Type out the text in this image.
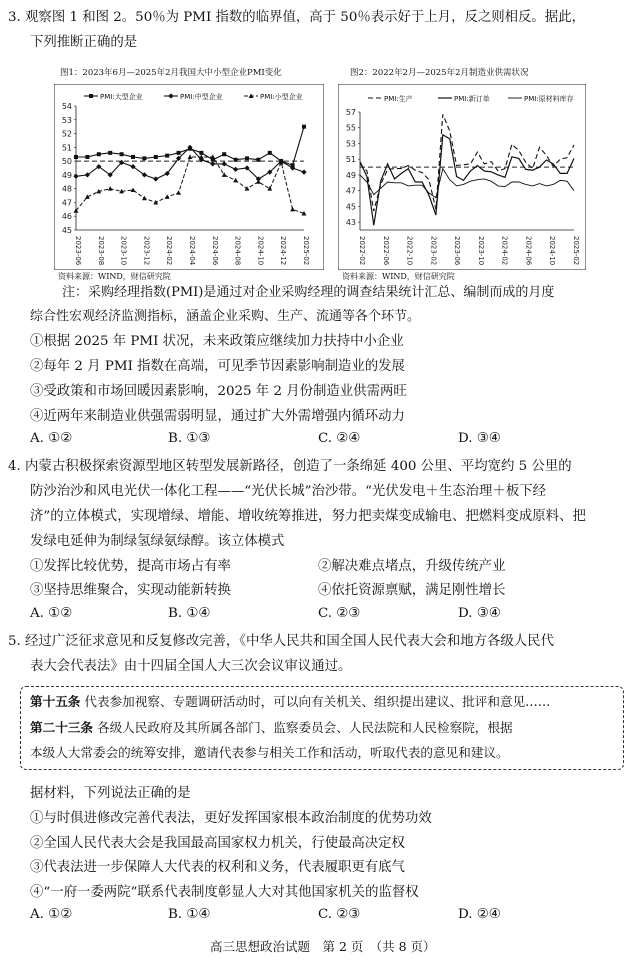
3. 观察图 1 和图 2。50％为 PMI 指数的临界值，高于 50％表示好于上月，反之则相反。据此，
下列推断正确的是
图1：2023年6月—2025年2月我国大中小型企业PMI变化	图2：2022年2月—2025年2月制造业供需状况
45
46
47
48
49
50
51
52
53
54
2023-06 2023-08 2023-10 2023-12 2024-02 2024-04 2024-06 2024-08 2024-10 2024-12 2025-02
PMI:大型企业	PMI:中型企业	PMI:小型企业
43
45
47
49
51
53
55
57
2022-02 2022-06 2022-10 2023-02 2023-06 2023-10 2024-02 2024-06 2024-10 2025-02
PMI:生产	PMI:新订单	PMI:原材料库存
资料来源：WIND，财信研究院	资料来源：WIND，财信研究院
注：采购经理指数(PMI)是通过对企业采购经理的调查结果统计汇总、编制而成的月度
综合性宏观经济监测指标，涵盖企业采购、生产、流通等各个环节。
①根据 2025 年 PMI 状况，未来政策应继续加力扶持中小企业
②每年 2 月 PMI 指数在高端，可见季节因素影响制造业的发展
③受政策和市场回暖因素影响，2025 年 2 月份制造业供需两旺
④近两年来制造业供强需弱明显，通过扩大外需增强内循环动力
A. ①②	B. ①③	C. ②④	D. ③④
4. 内蒙古积极探索资源型地区转型发展新路径，创造了一条绵延 400 公里、平均宽约 5 公里的
防沙治沙和风电光伏一体化工程——“光伏长城”治沙带。“光伏发电＋生态治理＋板下经
济”的立体模式，实现增绿、增能、增收统筹推进，努力把卖煤变成输电、把燃料变成原料、把
发绿电延伸为制绿氢绿氨绿醇。该立体模式
①发挥比较优势，提高市场占有率	②解决难点堵点，升级传统产业
③坚持思维聚合，实现动能新转换	④依托资源禀赋，满足刚性增长
A. ①②	B. ①④	C. ②③	D. ③④
5. 经过广泛征求意见和反复修改完善，《中华人民共和国全国人民代表大会和地方各级人民代
表大会代表法》由十四届全国人大三次会议审议通过。
第十五条 代表参加视察、专题调研活动时，可以向有关机关、组织提出建议、批评和意见……
第二十三条 各级人民政府及其所属各部门、监察委员会、人民法院和人民检察院，根据
本级人大常委会的统筹安排，邀请代表参与相关工作和活动，听取代表的意见和建议。
据材料，下列说法正确的是
①与时俱进修改完善代表法，更好发挥国家根本政治制度的优势功效
②全国人民代表大会是我国最高国家权力机关，行使最高决定权
③代表法进一步保障人大代表的权利和义务，代表履职更有底气
④“一府一委两院”联系代表制度彰显人大对其他国家机关的监督权
A. ①②	B. ①④	C. ②③	D. ②④
高三思想政治试题　第 2 页　（共 8 页）
